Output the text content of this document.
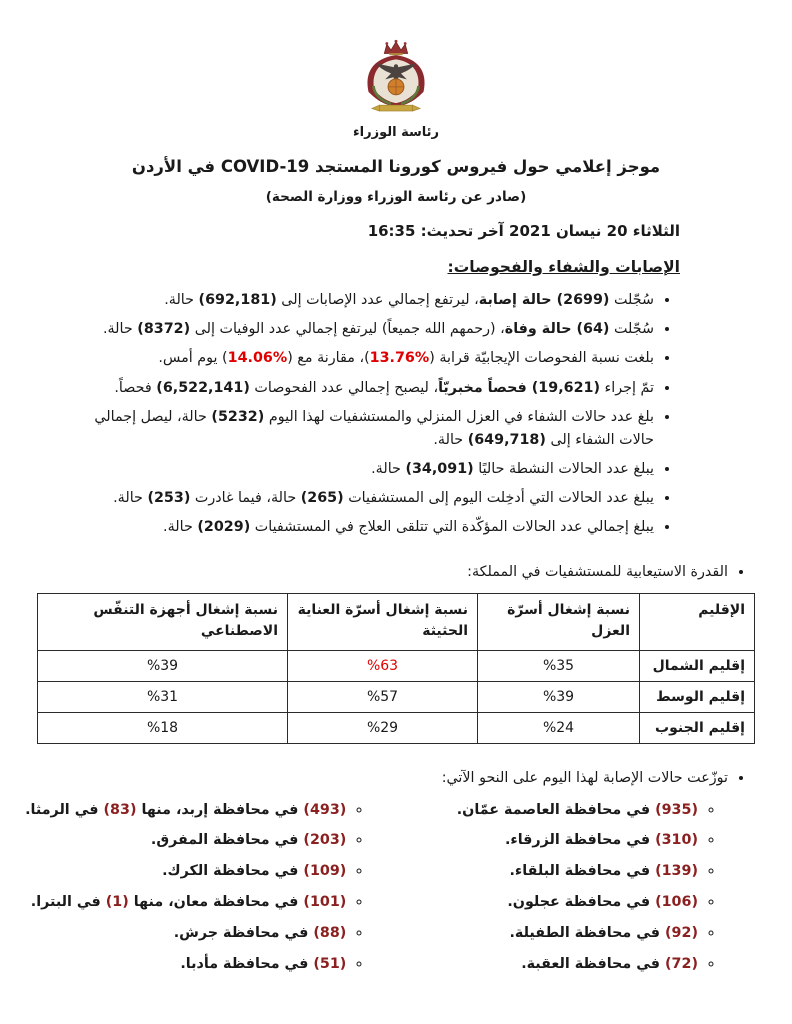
رئاسة الوزراء
موجز إعلامي حول فيروس كورونا المستجد COVID-19 في الأردن
(صادر عن رئاسة الوزراء ووزارة الصحة)
الثلاثاء 20 نيسان 2021 آخر تحديث: 16:35
الإصابات والشفاء والفحوصات:
• سُجّلت (2699) حالة إصابة، ليرتفع إجمالي عدد الإصابات إلى (692,181) حالة.
• سُجّلت (64) حالة وفاة، (رحمهم الله جميعاً) ليرتفع إجمالي عدد الوفيات إلى (8372) حالة.
• بلغت نسبة الفحوصات الإيجابيّة قرابة (%13.76)، مقارنة مع (%14.06) يوم أمس.
• تمّ إجراء (19,621) فحصاً مخبريّاً، ليصبح إجمالي عدد الفحوصات (6,522,141) فحصاً.
• بلغ عدد حالات الشفاء في العزل المنزلي والمستشفيات لهذا اليوم (5232) حالة، ليصل إجمالي حالات الشفاء إلى (649,718) حالة.
• يبلغ عدد الحالات النشطة حاليًا (34,091) حالة.
• يبلغ عدد الحالات التي أدخِلت اليوم إلى المستشفيات (265) حالة، فيما غادرت (253) حالة.
• يبلغ إجمالي عدد الحالات المؤكّدة التي تتلقى العلاج في المستشفيات (2029) حالة.
• القدرة الاستيعابية للمستشفيات في المملكة:
الإقليم	نسبة إشغال أسرّة العزل	نسبة إشغال أسرّة العناية الحثيثة	نسبة إشغال أجهزة التنفّس الاصطناعي
إقليم الشمال	%35	%63	%39
إقليم الوسط	%39	%57	%31
إقليم الجنوب	%24	%29	%18
• توزّعت حالات الإصابة لهذا اليوم على النحو الآتي:
◦ (935) في محافظة العاصمة عمّان.
◦ (310) في محافظة الزرقاء.
◦ (139) في محافظة البلقاء.
◦ (106) في محافظة عجلون.
◦ (92) في محافظة الطفيلة.
◦ (72) في محافظة العقبة.
◦ (493) في محافظة إربد، منها (83) في الرمثا.
◦ (203) في محافظة المفرق.
◦ (109) في محافظة الكرك.
◦ (101) في محافظة معان، منها (1) في البترا.
◦ (88) في محافظة جرش.
◦ (51) في محافظة مأدبا.
